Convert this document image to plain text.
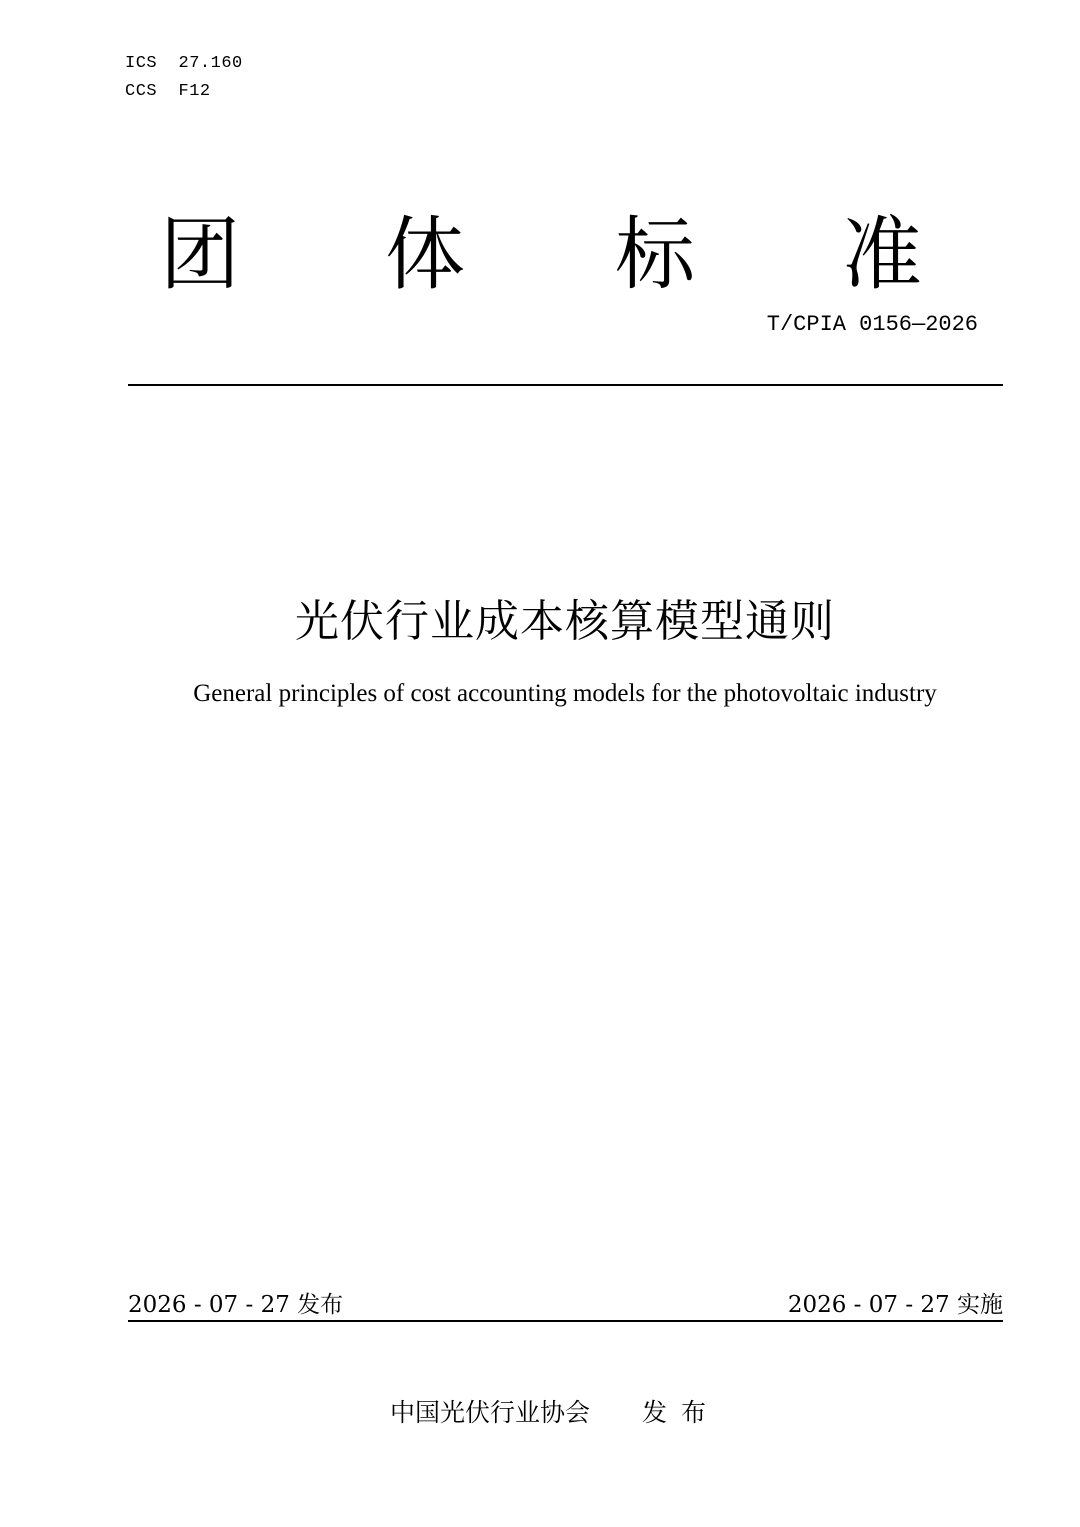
ICS  27.160
CCS  F12
团 体 标 准
T/CPIA 0156—2026
光伏行业成本核算模型通则
General principles of cost accounting models for the photovoltaic industry
2026 - 07 - 27 发布	2026 - 07 - 27 实施
中国光伏行业协会 发布
